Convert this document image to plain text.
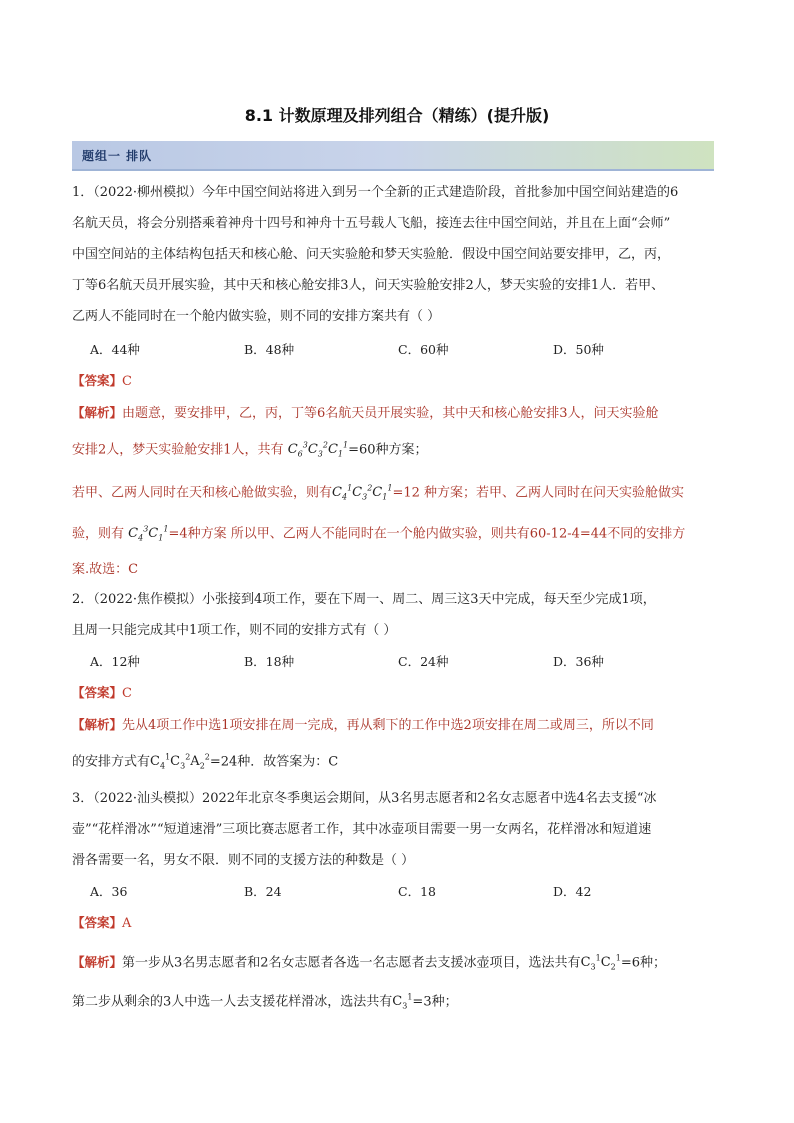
8.1 计数原理及排列组合（精练）(提升版)
题组一 排队
1．（2022·柳州模拟）今年中国空间站将进入到另一个全新的正式建造阶段，首批参加中国空间站建造的6
名航天员，将会分别搭乘着神舟十四号和神舟十五号载人飞船，接连去往中国空间站，并且在上面“会师”
中国空间站的主体结构包括天和核心舱、问天实验舱和梦天实验舱．假设中国空间站要安排甲，乙，丙，
丁等6名航天员开展实验，其中天和核心舱安排3人，问天实验舱安排2人，梦天实验的安排1人．若甲、
乙两人不能同时在一个舱内做实验，则不同的安排方案共有（ ）
A．44种	B．48种	C．60种	D．50种
【答案】C
【解析】由题意，要安排甲，乙，丙，丁等6名航天员开展实验，其中天和核心舱安排3人，问天实验舱
安排2人，梦天实验舱安排1人，共有 $C_6^3C_3^2C_1^1=60$种方案；
若甲、乙两人同时在天和核心舱做实验，则有$C_4^1C_3^2C_1^1=12$ 种方案；若甲、乙两人同时在问天实验舱做实
验，则有 $C_4^3C_1^1=4$种方案 所以甲、乙两人不能同时在一个舱内做实验，则共有60-12-4=44不同的安排方
案.故选：C
2．（2022·焦作模拟）小张接到4项工作，要在下周一、周二、周三这3天中完成，每天至少完成1项，
且周一只能完成其中1项工作，则不同的安排方式有（ ）
A．12种	B．18种	C．24种	D．36种
【答案】C
【解析】先从4项工作中选1项安排在周一完成，再从剩下的工作中选2项安排在周二或周三，所以不同
的安排方式有$C_4^1C_3^2A_2^2=24$种．故答案为：C
3．（2022·汕头模拟）2022年北京冬季奥运会期间，从3名男志愿者和2名女志愿者中选4名去支援“冰
壶”“花样滑冰”“短道速滑”三项比赛志愿者工作，其中冰壶项目需要一男一女两名，花样滑冰和短道速
滑各需要一名，男女不限．则不同的支援方法的种数是（ ）
A．36	B．24	C．18	D．42
【答案】A
【解析】第一步从3名男志愿者和2名女志愿者各选一名志愿者去支援冰壶项目，选法共有$C_3^1C_2^1=6$种；
第二步从剩余的3人中选一人去支援花样滑冰，选法共有$C_3^1=3$种；
